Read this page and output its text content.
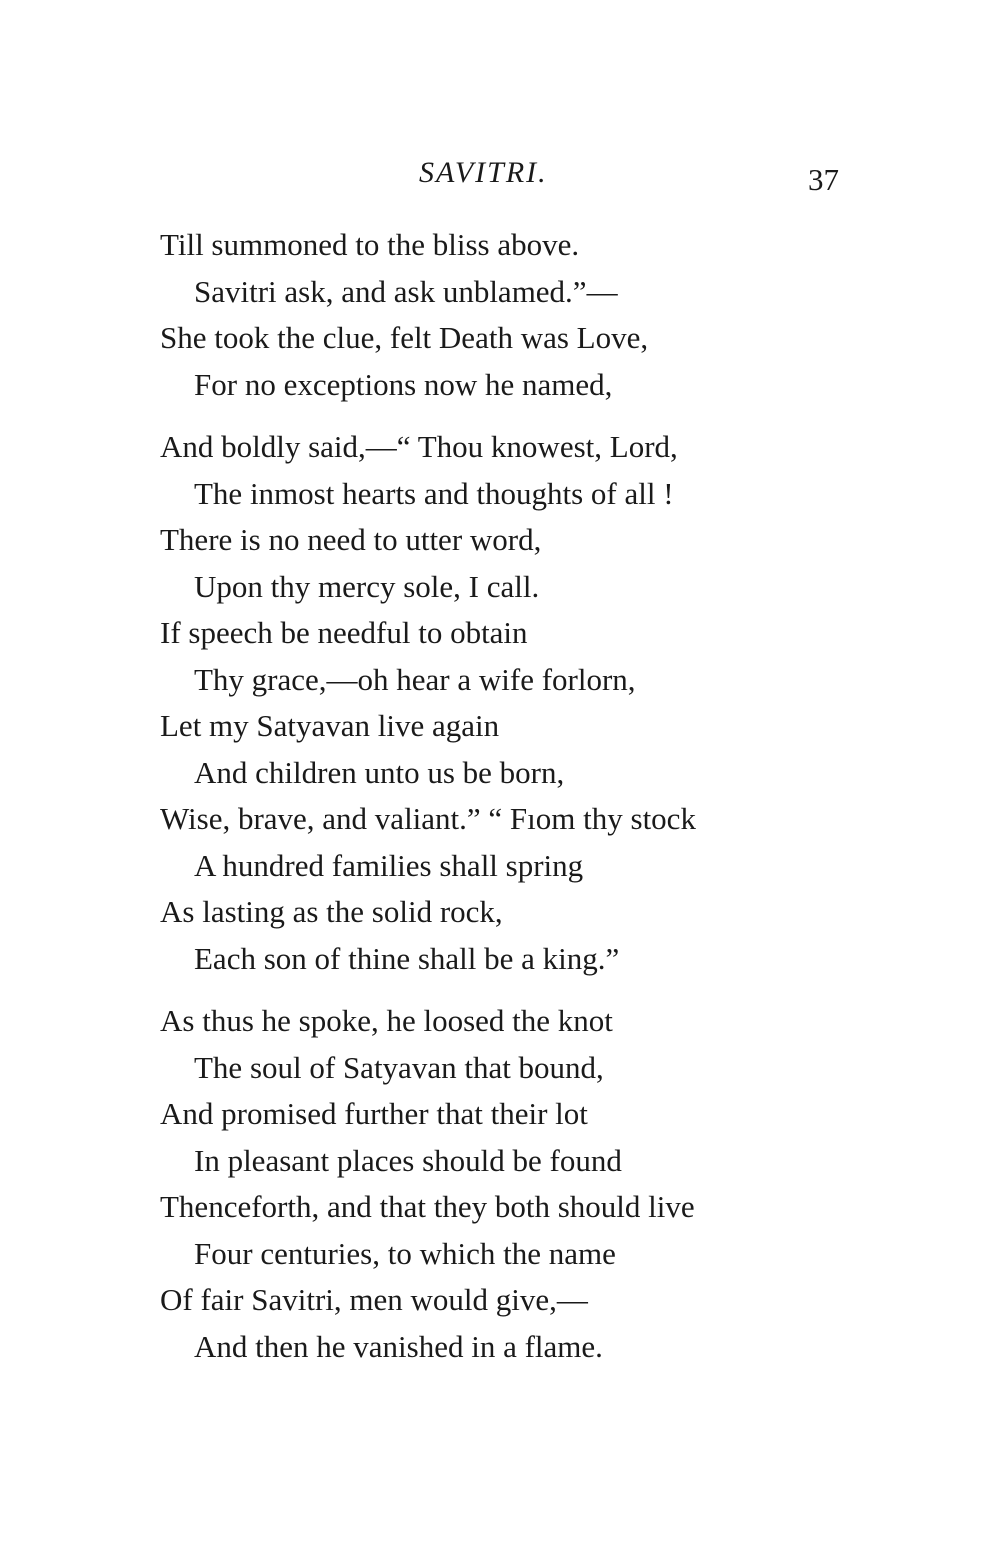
SAVITRI.	37
Till summoned to the bliss above.
Savitri ask, and ask unblamed.”—
She took the clue, felt Death was Love,
For no exceptions now he named,
And boldly said,—“ Thou knowest, Lord,
The inmost hearts and thoughts of all !
There is no need to utter word,
Upon thy mercy sole, I call.
If speech be needful to obtain
Thy grace,—oh hear a wife forlorn,
Let my Satyavan live again
And children unto us be born,
Wise, brave, and valiant.” “ Fıom thy stock
A hundred families shall spring
As lasting as the solid rock,
Each son of thine shall be a king.”
As thus he spoke, he loosed the knot
The soul of Satyavan that bound,
And promised further that their lot
In pleasant places should be found
Thenceforth, and that they both should live
Four centuries, to which the name
Of fair Savitri, men would give,—
And then he vanished in a flame.
